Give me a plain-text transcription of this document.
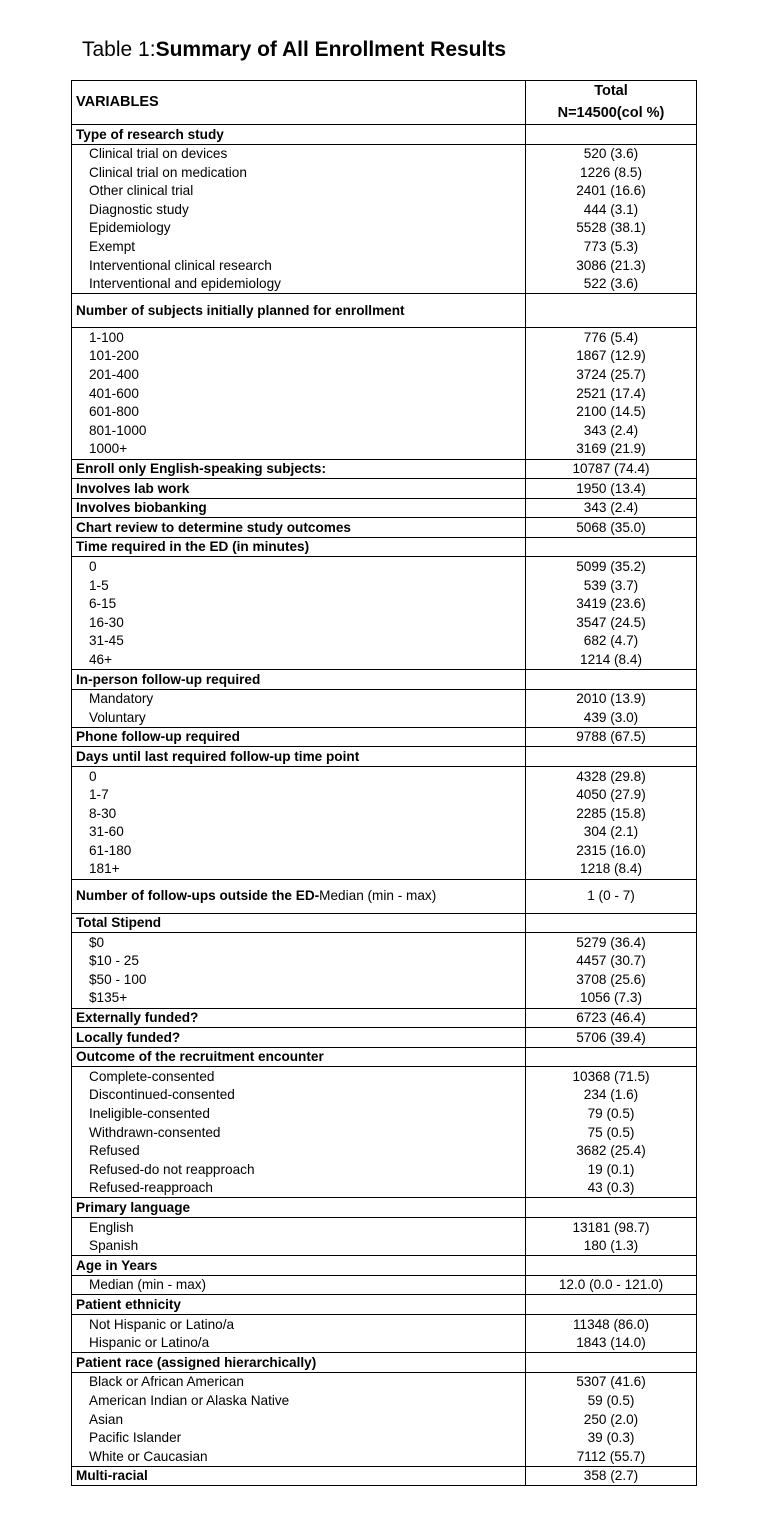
Table 1:Summary of All Enrollment Results
VARIABLES	Total
N=14500(col %)
Type of research study	
Clinical trial on devices	520 (3.6)
Clinical trial on medication	1226 (8.5)
Other clinical trial	2401 (16.6)
Diagnostic study	444 (3.1)
Epidemiology	5528 (38.1)
Exempt	773 (5.3)
Interventional clinical research	3086 (21.3)
Interventional and epidemiology	522 (3.6)
Number of subjects initially planned for enrollment	
1-100	776 (5.4)
101-200	1867 (12.9)
201-400	3724 (25.7)
401-600	2521 (17.4)
601-800	2100 (14.5)
801-1000	343 (2.4)
1000+	3169 (21.9)
Enroll only English-speaking subjects:	10787 (74.4)
Involves lab work	1950 (13.4)
Involves biobanking	343 (2.4)
Chart review to determine study outcomes	5068 (35.0)
Time required in the ED (in minutes)	
0	5099 (35.2)
1-5	539 (3.7)
6-15	3419 (23.6)
16-30	3547 (24.5)
31-45	682 (4.7)
46+	1214 (8.4)
In-person follow-up required	
Mandatory	2010 (13.9)
Voluntary	439 (3.0)
Phone follow-up required	9788 (67.5)
Days until last required follow-up time point	
0	4328 (29.8)
1-7	4050 (27.9)
8-30	2285 (15.8)
31-60	304 (2.1)
61-180	2315 (16.0)
181+	1218 (8.4)
Number of follow-ups outside the ED-Median (min - max)	1 (0 - 7)
Total Stipend	
$0	5279 (36.4)
$10 - 25	4457 (30.7)
$50 - 100	3708 (25.6)
$135+	1056 (7.3)
Externally funded?	6723 (46.4)
Locally funded?	5706 (39.4)
Outcome of the recruitment encounter	
Complete-consented	10368 (71.5)
Discontinued-consented	234 (1.6)
Ineligible-consented	79 (0.5)
Withdrawn-consented	75 (0.5)
Refused	3682 (25.4)
Refused-do not reapproach	19 (0.1)
Refused-reapproach	43 (0.3)
Primary language	
English	13181 (98.7)
Spanish	180 (1.3)
Age in Years	
Median (min - max)	12.0 (0.0 - 121.0)
Patient ethnicity	
Not Hispanic or Latino/a	11348 (86.0)
Hispanic or Latino/a	1843 (14.0)
Patient race (assigned hierarchically)	
Black or African American	5307 (41.6)
American Indian or Alaska Native	59 (0.5)
Asian	250 (2.0)
Pacific Islander	39 (0.3)
White or Caucasian	7112 (55.7)
Multi-racial	358 (2.7)
